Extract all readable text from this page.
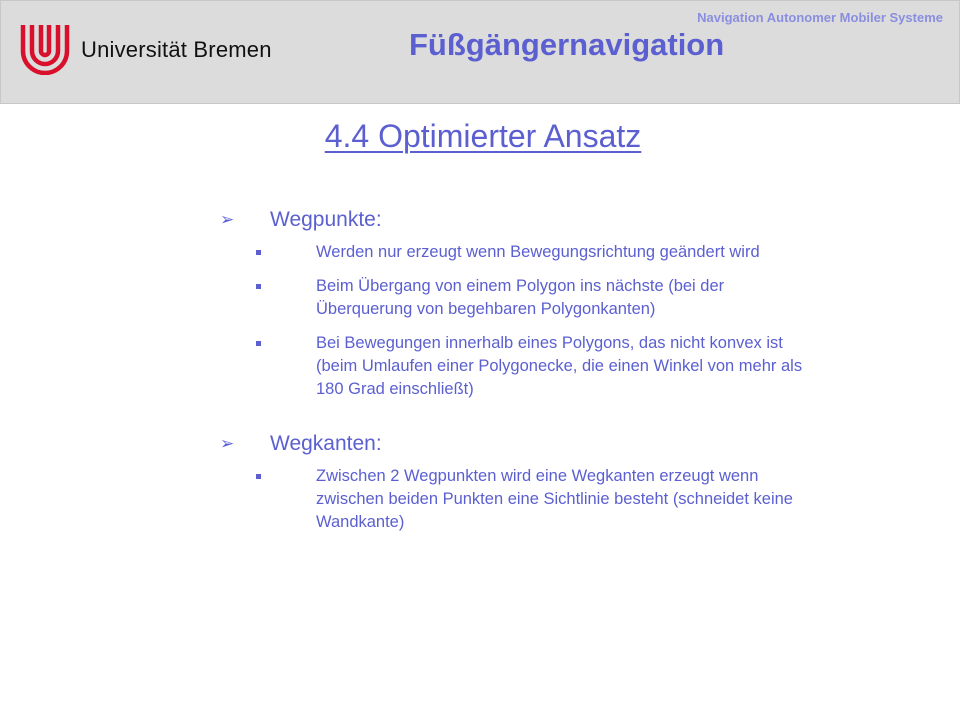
Universität Bremen
Navigation Autonomer Mobiler Systeme
Füßgängernavigation
4.4 Optimierter Ansatz
➢ Wegpunkte:
Werden nur erzeugt wenn Bewegungsrichtung geändert wird
Beim Übergang von einem Polygon ins nächste (bei der Überquerung von begehbaren Polygonkanten)
Bei Bewegungen innerhalb eines Polygons, das nicht konvex ist (beim Umlaufen einer Polygonecke, die einen Winkel von mehr als 180 Grad einschließt)
➢ Wegkanten:
Zwischen 2 Wegpunkten wird eine Wegkanten erzeugt wenn zwischen beiden Punkten eine Sichtlinie besteht (schneidet keine Wandkante)
